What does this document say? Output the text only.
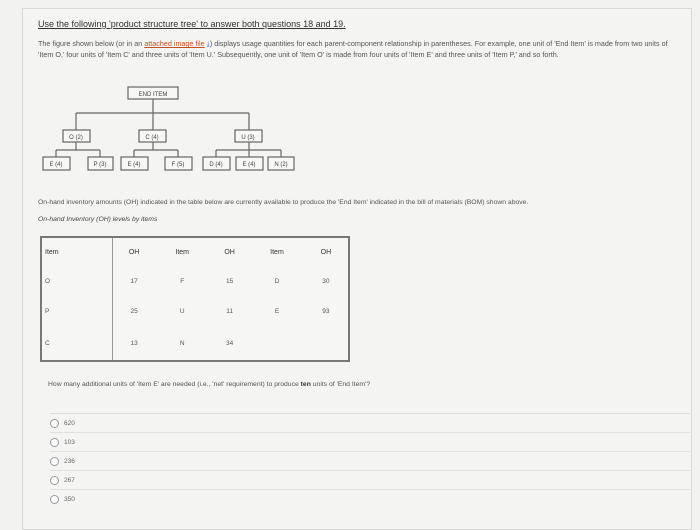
Use the following 'product structure tree' to answer both questions 18 and 19.
The figure shown below (or in an attached image file ⤓) displays usage quantities for each parent-component relationship in parentheses. For example, one unit of 'End Item' is made from two units of 'Item O,' four units of 'Item C' and three units of 'Item U.' Subsequently, one unit of 'Item O' is made from four units of 'Item E' and three units of 'Item P,' and so forth.
END ITEM
O (2)	C (4)	U (3)
E (4)	P (3)	E (4)	F (5)	D (4)	E (4)	N (2)
On-hand inventory amounts (OH) indicated in the table below are currently available to produce the 'End Item' indicated in the bill of materials (BOM) shown above.
On-hand Inventory (OH) levels by items
Item	OH	Item	OH	Item	OH
O	17	F	15	D	30
P	25	U	11	E	93
C	13	N	34		
How many additional units of 'Item E' are needed (i.e., 'net' requirement) to produce ten units of 'End Item'?
620
103
236
267
350
